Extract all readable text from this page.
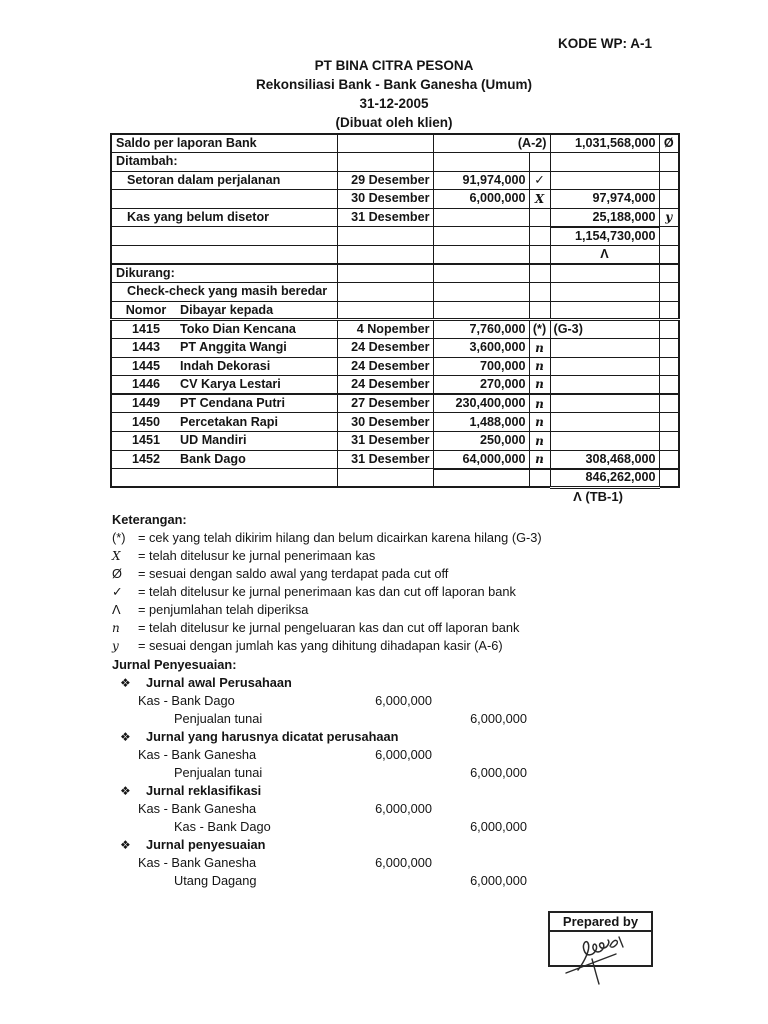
KODE WP: A-1
PT BINA CITRA PESONA
Rekonsiliasi Bank - Bank Ganesha (Umum)
31-12-2005
(Dibuat oleh klien)
Saldo per laporan Bank		(A-2)		1,031,568,000	Ø
Ditambah:					
Setoran dalam perjalanan	29 Desember	91,974,000	✓		
	30 Desember	6,000,000	X	97,974,000	
Kas yang belum disetor	31 Desember			25,188,000	y
				1,154,730,000	
				Λ	
Dikurang:					
Check-check yang masih beredar					
Nomor Dibayar kepada					
1415 Toko Dian Kencana	4 Nopember	7,760,000	(*)	(G-3)	
1443 PT Anggita Wangi	24 Desember	3,600,000	n		
1445 Indah Dekorasi	24 Desember	700,000	n		
1446 CV Karya Lestari	24 Desember	270,000	n		
1449 PT Cendana Putri	27 Desember	230,400,000	n		
1450 Percetakan Rapi	30 Desember	1,488,000	n		
1451 UD Mandiri	31 Desember	250,000	n		
1452 Bank Dago	31 Desember	64,000,000	n	308,468,000	
				846,262,000	
Λ (TB-1)
Keterangan:
(*) = cek yang telah dikirim hilang dan belum dicairkan karena hilang (G-3)
X	= telah ditelusur ke jurnal penerimaan kas
Ø	= sesuai dengan saldo awal yang terdapat pada cut off
✓	= telah ditelusur ke jurnal penerimaan kas dan cut off laporan bank
Λ	= penjumlahan telah diperiksa
n	= telah ditelusur ke jurnal pengeluaran kas dan cut off laporan bank
y	= sesuai dengan jumlah kas yang dihitung dihadapan kasir (A-6)
Jurnal Penyesuaian:
❖	Jurnal awal Perusahaan
Kas - Bank Dago	6,000,000
Penjualan tunai	6,000,000
❖	Jurnal yang harusnya dicatat perusahaan
Kas - Bank Ganesha	6,000,000
Penjualan tunai	6,000,000
❖	Jurnal reklasifikasi
Kas - Bank Ganesha	6,000,000
Kas - Bank Dago	6,000,000
❖	Jurnal penyesuaian
Kas - Bank Ganesha	6,000,000
Utang Dagang	6,000,000
Prepared by
